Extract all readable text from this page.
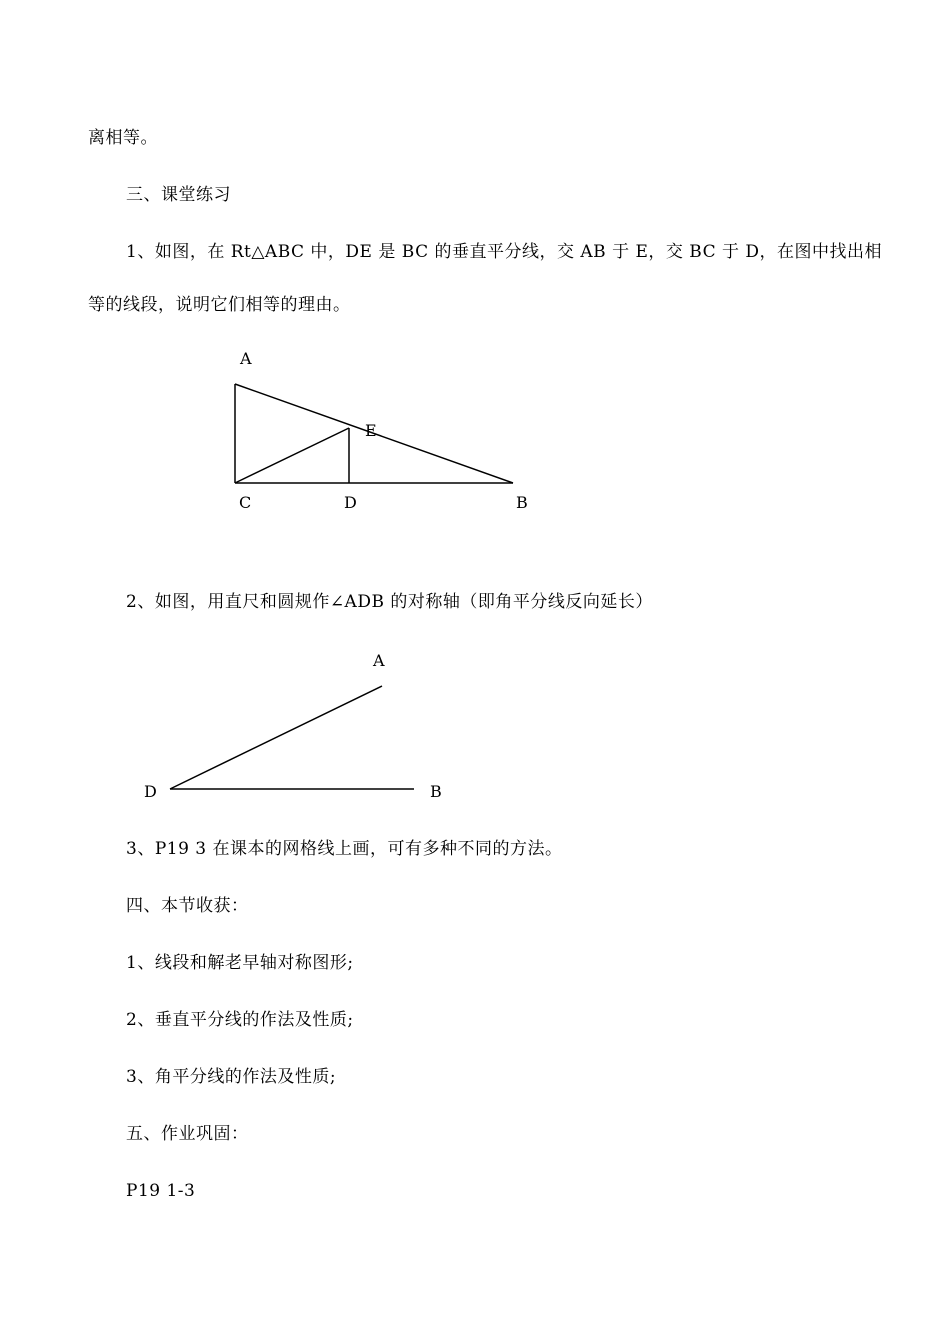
离相等。
三、课堂练习
1、如图，在 Rt△ABC 中，DE 是 BC 的垂直平分线，交 AB 于 E，交 BC 于 D，在图中找出相
等的线段，说明它们相等的理由。
A
E
C	D	B
2、如图，用直尺和圆规作∠ADB 的对称轴（即角平分线反向延长）
A
D	B
3、P19 3 在课本的网格线上画，可有多种不同的方法。
四、本节收获：
1、线段和解老早轴对称图形;
2、垂直平分线的作法及性质;
3、角平分线的作法及性质;
五、作业巩固：
P19 1-3
